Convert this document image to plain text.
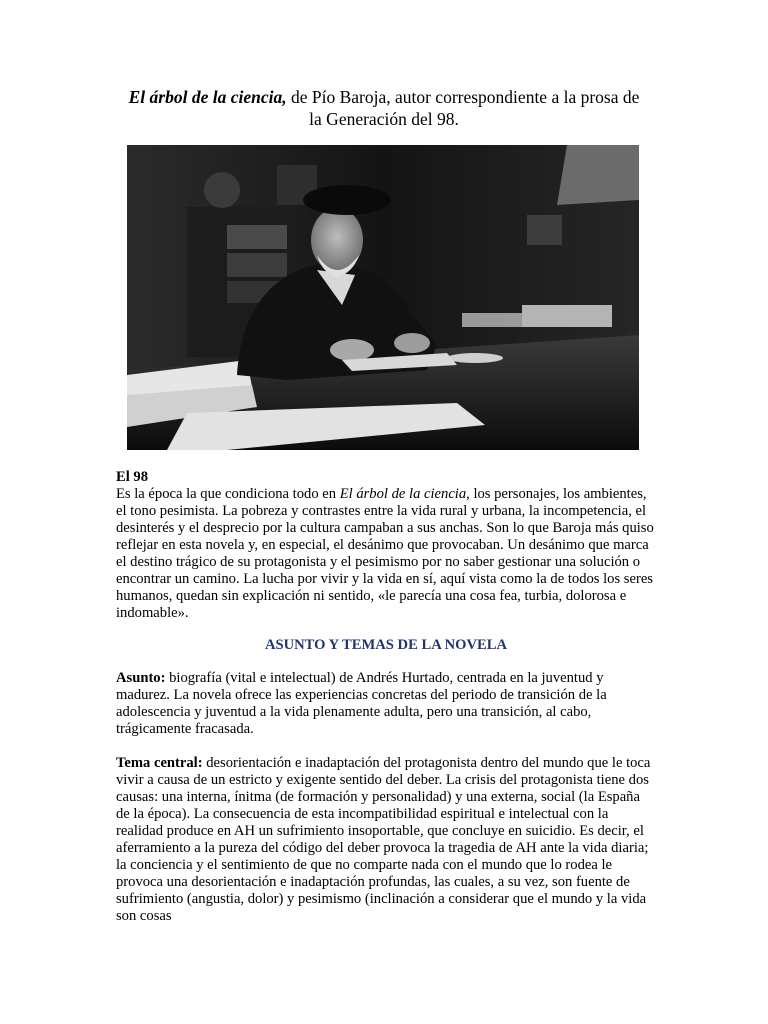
El árbol de la ciencia, de Pío Baroja, autor correspondiente a la prosa de
la Generación del 98.

El 98

Es la época la que condiciona todo en El árbol de la ciencia, los personajes, los ambientes, el tono pesimista. La pobreza y contrastes entre la vida rural y urbana, la incompetencia, el desinterés y el desprecio por la cultura campaban a sus anchas. Son lo que Baroja más quiso reflejar en esta novela y, en especial, el desánimo que provocaban. Un desánimo que marca el destino trágico de su protagonista y el pesimismo por no saber gestionar una solución o encontrar un camino. La lucha por vivir y la vida en sí, aquí vista como la de todos los seres humanos, quedan sin explicación ni sentido, «le parecía una cosa fea, turbia, dolorosa e indomable».

ASUNTO Y TEMAS DE LA NOVELA

Asunto: biografía (vital e intelectual) de Andrés Hurtado, centrada en la juventud y madurez. La novela ofrece las experiencias concretas del periodo de transición de la adolescencia y juventud a la vida plenamente adulta, pero una transición, al cabo, trágicamente fracasada.

Tema central: desorientación e inadaptación del protagonista dentro del mundo que le toca vivir a causa de un estricto y exigente sentido del deber. La crisis del protagonista tiene dos causas: una interna, ínitma (de formación y personalidad) y una externa, social (la España de la época). La consecuencia de esta incompatibilidad espiritual e intelectual con la realidad produce en AH un sufrimiento insoportable, que concluye en suicidio. Es decir, el aferramiento a la pureza del código del deber provoca la tragedia de AH ante la vida diaria; la conciencia y el sentimiento de que no comparte nada con el mundo que lo rodea le provoca una desorientación e inadaptación profundas, las cuales, a su vez, son fuente de sufrimiento (angustia, dolor) y pesimismo (inclinación a considerar que el mundo y la vida son cosas
